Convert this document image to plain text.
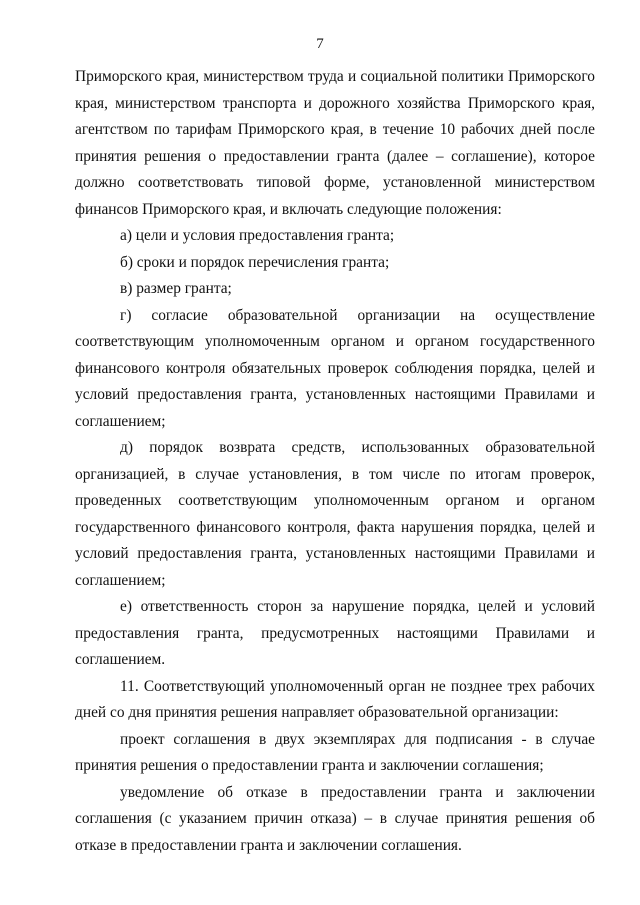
7

Приморского края, министерством труда и социальной политики Приморского края, министерством транспорта и дорожного хозяйства Приморского края, агентством по тарифам Приморского края, в течение 10 рабочих дней после принятия решения о предоставлении гранта (далее – соглашение), которое должно соответствовать типовой форме, установленной министерством финансов Приморского края, и включать следующие положения:

а) цели и условия предоставления гранта;

б) сроки и порядок перечисления гранта;

в) размер гранта;

г) согласие образовательной организации на осуществление соответствующим уполномоченным органом и органом государственного финансового контроля обязательных проверок соблюдения порядка, целей и условий предоставления гранта, установленных настоящими Правилами и соглашением;

д) порядок возврата средств, использованных образовательной организацией, в случае установления, в том числе по итогам проверок, проведенных соответствующим уполномоченным органом и органом государственного финансового контроля, факта нарушения порядка, целей и условий предоставления гранта, установленных настоящими Правилами и соглашением;

е) ответственность сторон за нарушение порядка, целей и условий предоставления гранта, предусмотренных настоящими Правилами и соглашением.

11. Соответствующий уполномоченный орган не позднее трех рабочих дней со дня принятия решения направляет образовательной организации:

проект соглашения в двух экземплярах для подписания - в случае принятия решения о предоставлении гранта и заключении соглашения;

уведомление об отказе в предоставлении гранта и заключении соглашения (с указанием причин отказа) – в случае принятия решения об отказе в предоставлении гранта и заключении соглашения.
